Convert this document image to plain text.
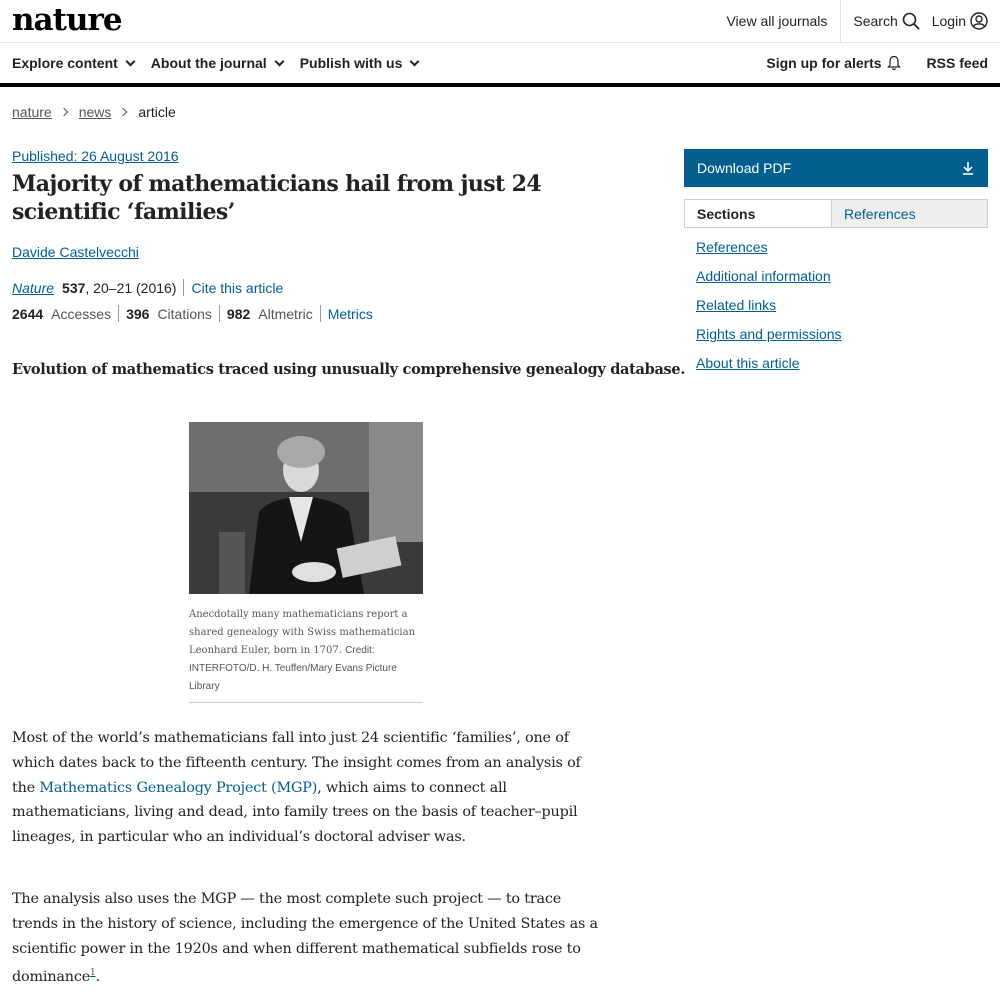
nature	View all journals	Search Login
Explore content About the journal Publish with us	Sign up for alerts	RSS feed
nature news article
Published: 26 August 2016
Majority of mathematicians hail from just 24 scientific ‘families’
Davide Castelvecchi
Nature 537 , 20–21 (2016) Cite this article
2644 Accesses 396 Citations 982 Altmetric Metrics

Evolution of mathematics traced using unusually comprehensive genealogy database.

Anecdotally many mathematicians report a shared genealogy with Swiss mathematician Leonhard Euler, born in 1707. Credit: INTERFOTO/D. H. Teuffen/Mary Evans Picture Library

Most of the world’s mathematicians fall into just 24 scientific ‘families’, one of which dates back to the fifteenth century. The insight comes from an analysis of the Mathematics Genealogy Project (MGP), which aims to connect all mathematicians, living and dead, into family trees on the basis of teacher–pupil lineages, in particular who an individual’s doctoral adviser was.

The analysis also uses the MGP — the most complete such project — to trace trends in the history of science, including the emergence of the United States as a scientific power in the 1920s and when different mathematical subfields rose to dominance$^1$.

Download PDF
Sections	References
References
Additional information
Related links
Rights and permissions
About this article
